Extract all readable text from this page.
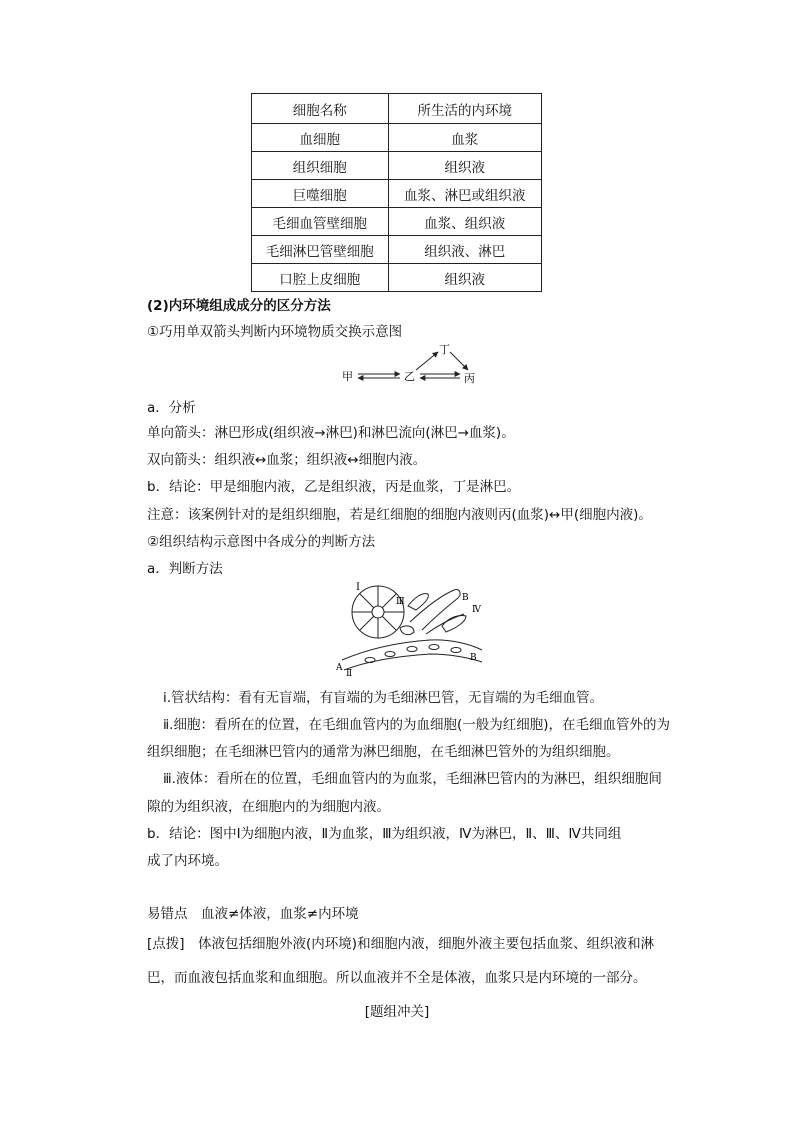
细胞名称	所生活的内环境
血细胞	血浆
组织细胞	组织液
巨噬细胞	血浆、淋巴或组织液
毛细血管壁细胞	血浆、组织液
毛细淋巴管壁细胞	组织液、淋巴
口腔上皮细胞	组织液
(2)内环境组成成分的区分方法
①巧用单双箭头判断内环境物质交换示意图
甲	乙	丙
丁
a．分析
单向箭头：淋巴形成(组织液→淋巴)和淋巴流向(淋巴→血浆)。
双向箭头：组织液↔血浆；组织液↔细胞内液。
b．结论：甲是细胞内液，乙是组织液，丙是血浆，丁是淋巴。
注意：该案例针对的是组织细胞，若是红细胞的细胞内液则丙(血浆)↔甲(细胞内液)。
②组织结构示意图中各成分的判断方法
a．判断方法
Ⅰ
Ⅲ
Ⅳ
B
B
A
Ⅱ
ⅰ.管状结构：看有无盲端，有盲端的为毛细淋巴管，无盲端的为毛细血管。
ⅱ.细胞：看所在的位置，在毛细血管内的为血细胞(一般为红细胞)，在毛细血管外的为
组织细胞；在毛细淋巴管内的通常为淋巴细胞，在毛细淋巴管外的为组织细胞。
ⅲ.液体：看所在的位置，毛细血管内的为血浆，毛细淋巴管内的为淋巴，组织细胞间
隙的为组织液，在细胞内的为细胞内液。
b．结论：图中Ⅰ为细胞内液，Ⅱ为血浆，Ⅲ为组织液，Ⅳ为淋巴，Ⅱ、Ⅲ、Ⅳ共同组
成了内环境。
易错点　血液≠体液，血浆≠内环境
[点拨]　体液包括细胞外液(内环境)和细胞内液，细胞外液主要包括血浆、组织液和淋
巴，而血液包括血浆和血细胞。所以血液并不全是体液，血浆只是内环境的一部分。
[题组冲关]
